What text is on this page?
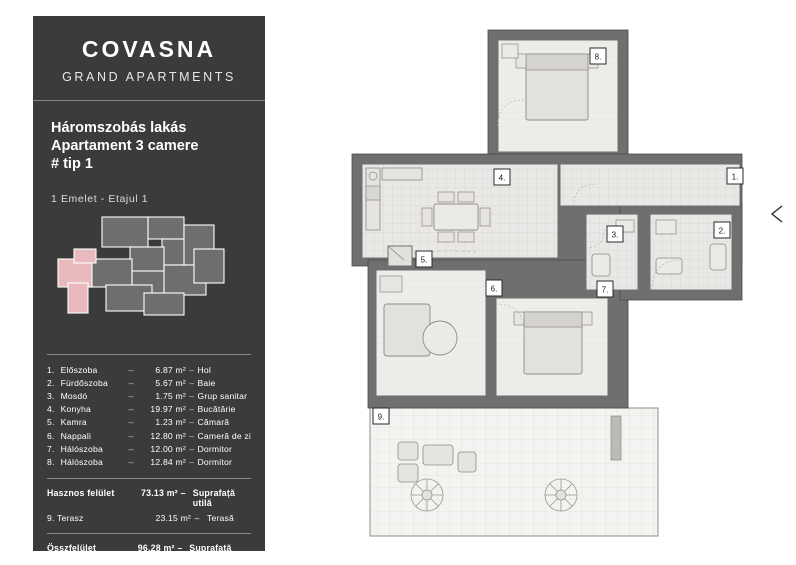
COVASNA
GRAND APARTMENTS
Háromszobás lakás
Apartament 3 camere
# tip 1
1 Emelet - Etajul 1
1.	Előszoba	–	6.87 m²	–	Hol
2.	Fürdőszoba	–	5.67 m²	–	Baie
3.	Mosdó	–	1.75 m²	–	Grup sanitar
4.	Konyha	–	19.97 m²	–	Bucătărie
5.	Kamra	–	1.23 m²	–	Cămară
6.	Nappali	–	12.80 m²	–	Cameră de zi
7.	Hálószoba	–	12.00 m²	–	Dormitor
8.	Hálószoba	–	12.84 m²	–	Dormitor
Hasznos felület	73.13 m² – Suprafață utilă
9. Terasz	23.15 m² – Terasă
Összfelület	96.28 m² – Suprafață totală
8.
4.	1.
2.
3.
5.
6.	7.
9.
